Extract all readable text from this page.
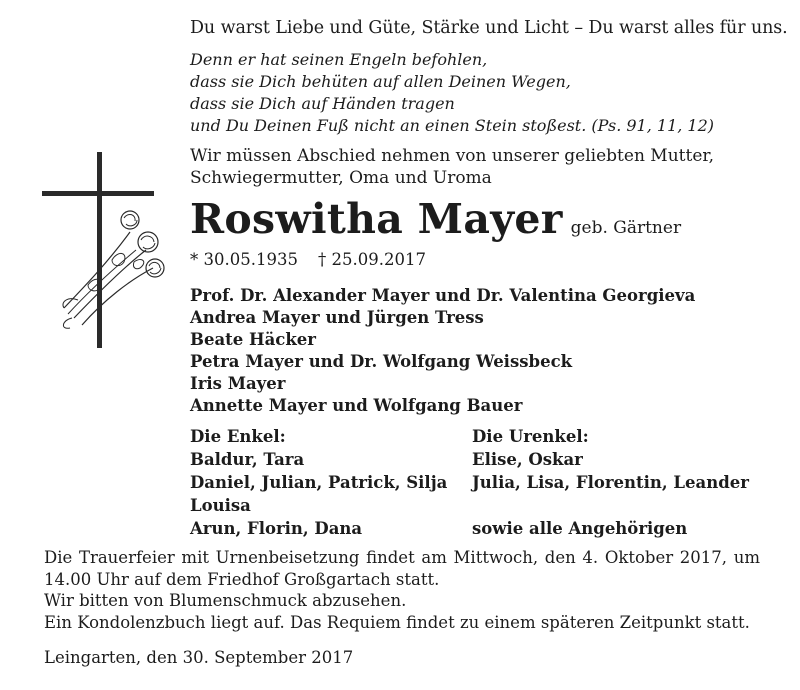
Du warst Liebe und Güte, Stärke und Licht – Du warst alles für uns.
Denn er hat seinen Engeln befohlen,
dass sie Dich behüten auf allen Deinen Wegen,
dass sie Dich auf Händen tragen
und Du Deinen Fuß nicht an einen Stein stoßest. (Ps. 91, 11, 12)
Wir müssen Abschied nehmen von unserer geliebten Mutter,
Schwiegermutter, Oma und Uroma
Roswitha Mayer geb. Gärtner
* 30.05.1935 † 25.09.2017
Prof. Dr. Alexander Mayer und Dr. Valentina Georgieva
Andrea Mayer und Jürgen Tress
Beate Häcker
Petra Mayer und Dr. Wolfgang Weissbeck
Iris Mayer
Annette Mayer und Wolfgang Bauer
Die Enkel:
Baldur, Tara
Daniel, Julian, Patrick, Silja
Louisa
Arun, Florin, Dana
Die Urenkel:
Elise, Oskar
Julia, Lisa, Florentin, Leander
sowie alle Angehörigen

Die Trauerfeier mit Urnenbeisetzung findet am Mittwoch, den 4. Oktober 2017, um 14.00 Uhr auf dem Friedhof Großgartach statt.

Wir bitten von Blumenschmuck abzusehen.

Ein Kondolenzbuch liegt auf. Das Requiem findet zu einem späteren Zeitpunkt statt.

Leingarten, den 30. September 2017
